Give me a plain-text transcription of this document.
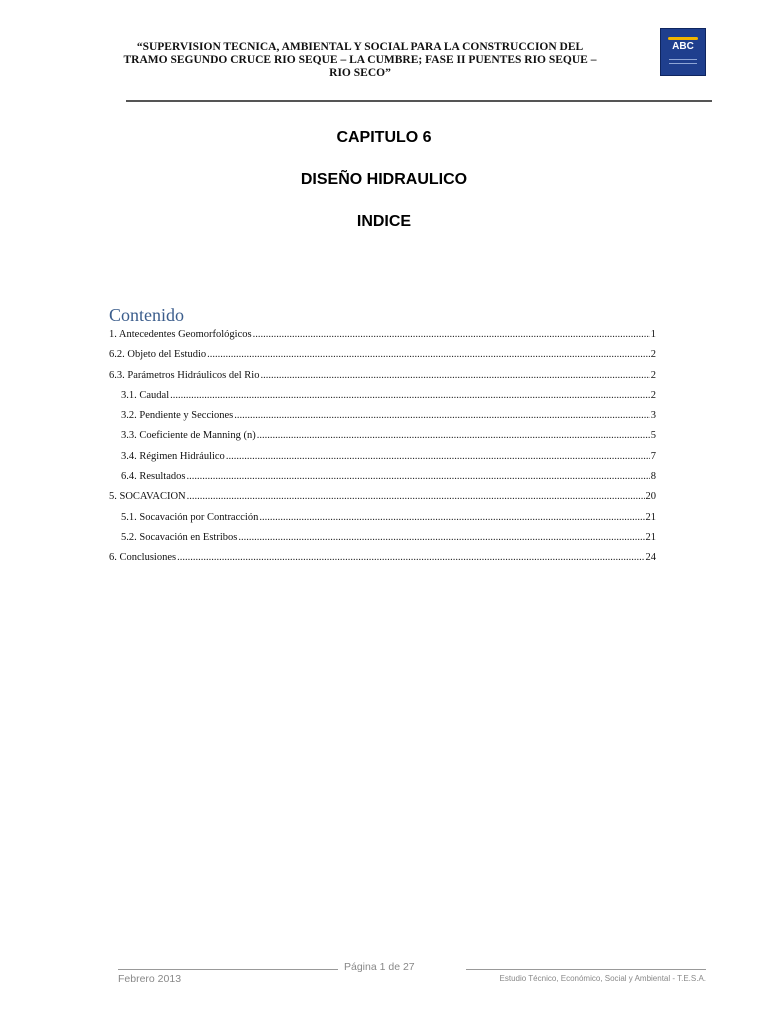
“SUPERVISION TECNICA, AMBIENTAL Y SOCIAL PARA LA CONSTRUCCION DEL
TRAMO SEGUNDO CRUCE RIO SEQUE – LA CUMBRE; FASE II PUENTES RIO SEQUE –
RIO SECO”
ABC
CAPITULO 6
DISEÑO HIDRAULICO
INDICE
Contenido
1. Antecedentes Geomorfológicos .....	1
6.2. Objeto del Estudio .....	2
6.3. Parámetros Hidráulicos del Rio .....	2
3.1. Caudal .....	2
3.2. Pendiente y Secciones .....	3
3.3. Coeficiente de Manning (n) .....	5
3.4. Régimen Hidráulico .....	7
6.4. Resultados .....	8
5. SOCAVACION .....	20
5.1. Socavación por Contracción .....	21
5.2. Socavación en Estribos .....	21
6. Conclusiones .....	24
Página 1 de 27
Febrero 2013	Estudio Técnico, Económico, Social y Ambiental - T.E.S.A.
